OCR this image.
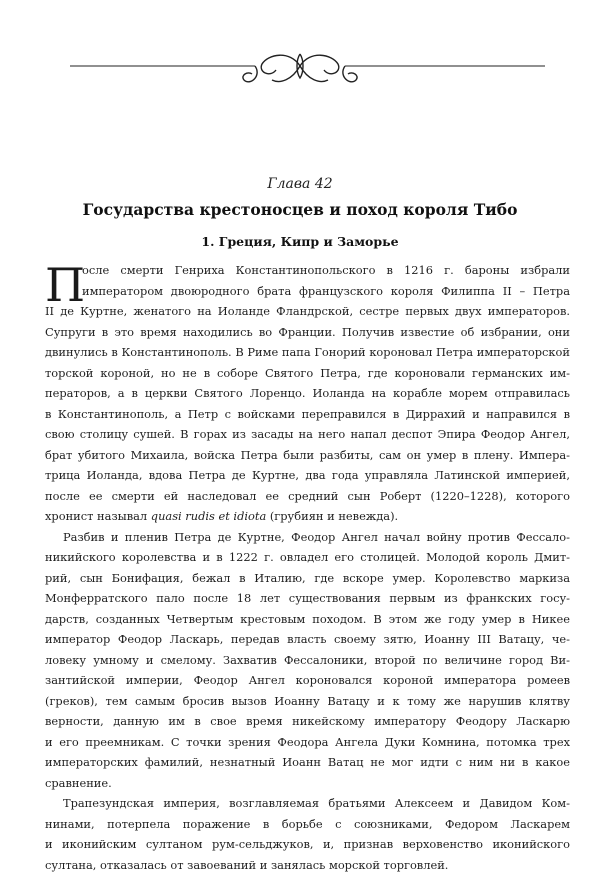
Глава 42
Государства крестоносцев и поход короля Тибо
1. Греция, Кипр и Заморье
П
осле смерти Генриха Константинопольского в 1216 г. бароны избрали
императором двоюродного брата французского короля Филиппа II – Петра
II де Куртне, женатого на Иоланде Фландрской, сестре первых двух императоров.
Супруги в это время находились во Франции. Получив известие об избрании, они
двинулись в Константинополь. В Риме папа Гонорий короновал Петра императорской
торской короной, но не в соборе Святого Петра, где короновали германских им-
ператоров, а в церкви Святого Лоренцо. Иоланда на корабле морем отправилась
в Константинополь, а Петр с войсками переправился в Диррахий и направился в
свою столицу сушей. В горах из засады на него напал деспот Эпира Феодор Ангел,
брат убитого Михаила, войска Петра были разбиты, сам он умер в плену. Импера-
трица Иоланда, вдова Петра де Куртне, два года управляла Латинской империей,
после ее смерти ей наследовал ее средний сын Роберт (1220–1228), которого
хронист называл quasi rudis et idiota (грубиян и невежда).
Разбив и пленив Петра де Куртне, Феодор Ангел начал войну против Фессало-
никийского королевства и в 1222 г. овладел его столицей. Молодой король Дмит-
рий, сын Бонифация, бежал в Италию, где вскоре умер. Королевство маркиза
Монферратского пало после 18 лет существования первым из франкских госу-
дарств, созданных Четвертым крестовым походом. В этом же году умер в Никее
император Феодор Ласкарь, передав власть своему зятю, Иоанну III Ватацу, че-
ловеку умному и смелому. Захватив Фессалоники, второй по величине город Ви-
зантийской империи, Феодор Ангел короновался короной императора ромеев
(греков), тем самым бросив вызов Иоанну Ватацу и к тому же нарушив клятву
верности, данную им в свое время никейскому императору Феодору Ласкарю
и его преемникам. С точки зрения Феодора Ангела Дуки Комнина, потомка трех
императорских фамилий, незнатный Иоанн Ватац не мог идти с ним ни в какое
сравнение.
Трапезундская империя, возглавляемая братьями Алексеем и Давидом Ком-
нинами, потерпела поражение в борьбе с союзниками, Федором Ласкарем
и иконийским султаном рум-сельджуков, и, признав верховенство иконийского
султана, отказалась от завоеваний и занялась морской торговлей.
